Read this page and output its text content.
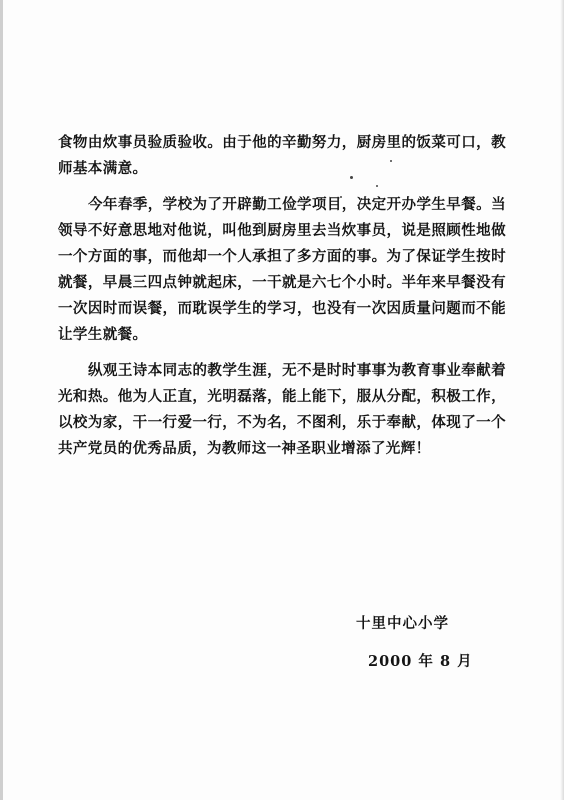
食物由炊事员验质验收。由于他的辛勤努力，厨房里的饭菜可口，教师基本满意。

今年春季，学校为了开辟勤工俭学项目，决定开办学生早餐。当领导不好意思地对他说，叫他到厨房里去当炊事员，说是照顾性地做一个方面的事，而他却一个人承担了多方面的事。为了保证学生按时就餐，早晨三四点钟就起床，一干就是六七个小时。半年来早餐没有一次因时而误餐，而耽误学生的学习，也没有一次因质量问题而不能让学生就餐。

纵观王诗本同志的教学生涯，无不是时时事事为教育事业奉献着光和热。他为人正直，光明磊落，能上能下，服从分配，积极工作，以校为家，干一行爱一行，不为名，不图利，乐于奉献，体现了一个共产党员的优秀品质，为教师这一神圣职业增添了光辉！

十里中心小学
2000 年 8 月
